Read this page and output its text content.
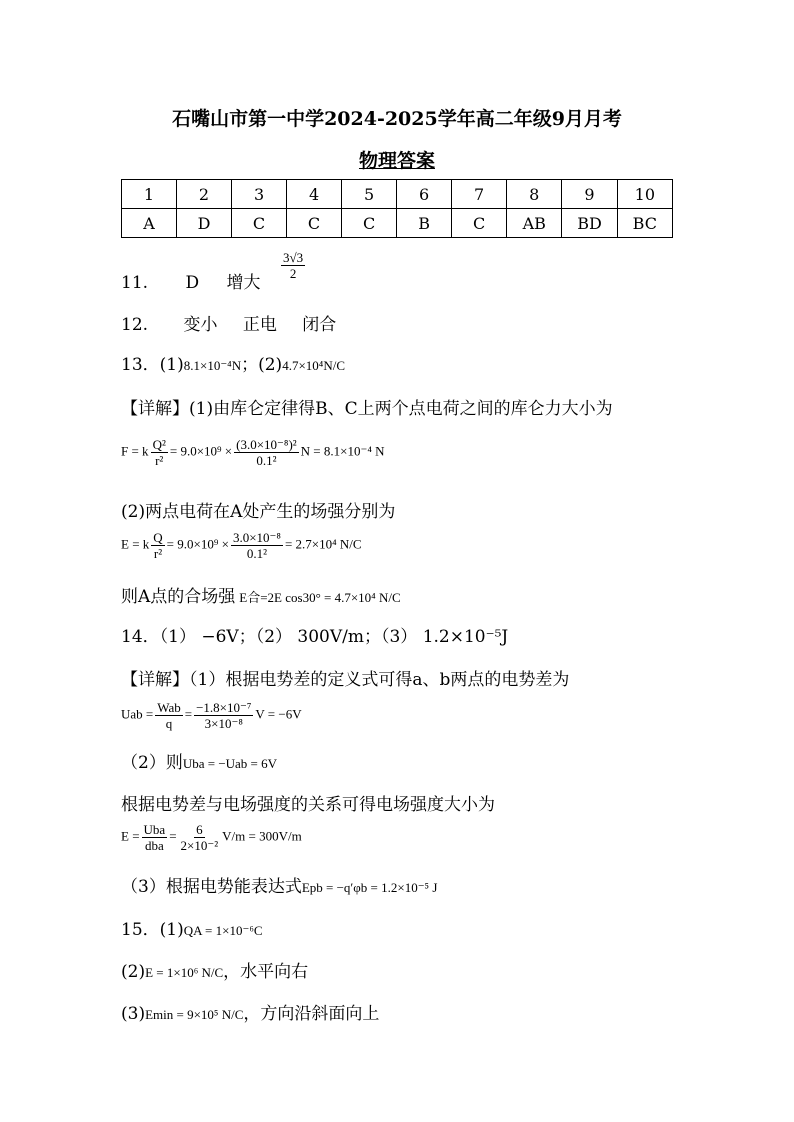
石嘴山市第一中学2024-2025学年高二年级9月月考
物理答案
1	2	3	4	5	6	7	8	9	10
A	D	C	C	C	B	C	AB	BD	BC
11. D 增大
$\frac{3√3}{2}$
12. 变小 正电 闭合
13．(1)8.1×10⁻⁴N；(2)4.7×10⁴N/C
【详解】(1)由库仑定律得B、C上两个点电荷之间的库仑力大小为
F = k $\frac{\text{Q²}}{\text{r²}} = 9.0\times 10^9 \times \frac{\text{(3.0×10⁻⁸)²}}{\text{0.1²}}$ N = 8.1×10⁻⁴ N
(2)两点电荷在A处产生的场强分别为
E = k $\frac{Q}{\text{r²}} = 9.0\times 10^9 \times \frac{\text{3.0×10⁻⁸}}{\text{0.1²}} = 2.7\times 10^4$ N/C
则A点的合场强 E合=2E cos30° = 4.7×10⁴ N/C
14．（1） −6V；（2） 300V/m；（3） 1.2×10⁻⁵J
【详解】（1）根据电势差的定义式可得a、b两点的电势差为
Uab = $\frac{\text{Wab}}{q} = \frac{\text{−1.8×10⁻⁷}}{\text{3×10⁻⁸}}$ V = −6V
（2）则Uba = −Uab = 6V
根据电势差与电场强度的关系可得电场强度大小为
$E = \frac{\text{Uba}}{\text{dba}} = \frac{6}{\text{2×10⁻²}} V/m = 300V/m$
（3）根据电势能表达式Epb = −q′φb = 1.2×10⁻⁵ J
15．(1)QA = 1×10⁻⁶C
(2)E = 1×10⁶ N/C，水平向右
(3)Emin = 9×10⁵ N/C，方向沿斜面向上
